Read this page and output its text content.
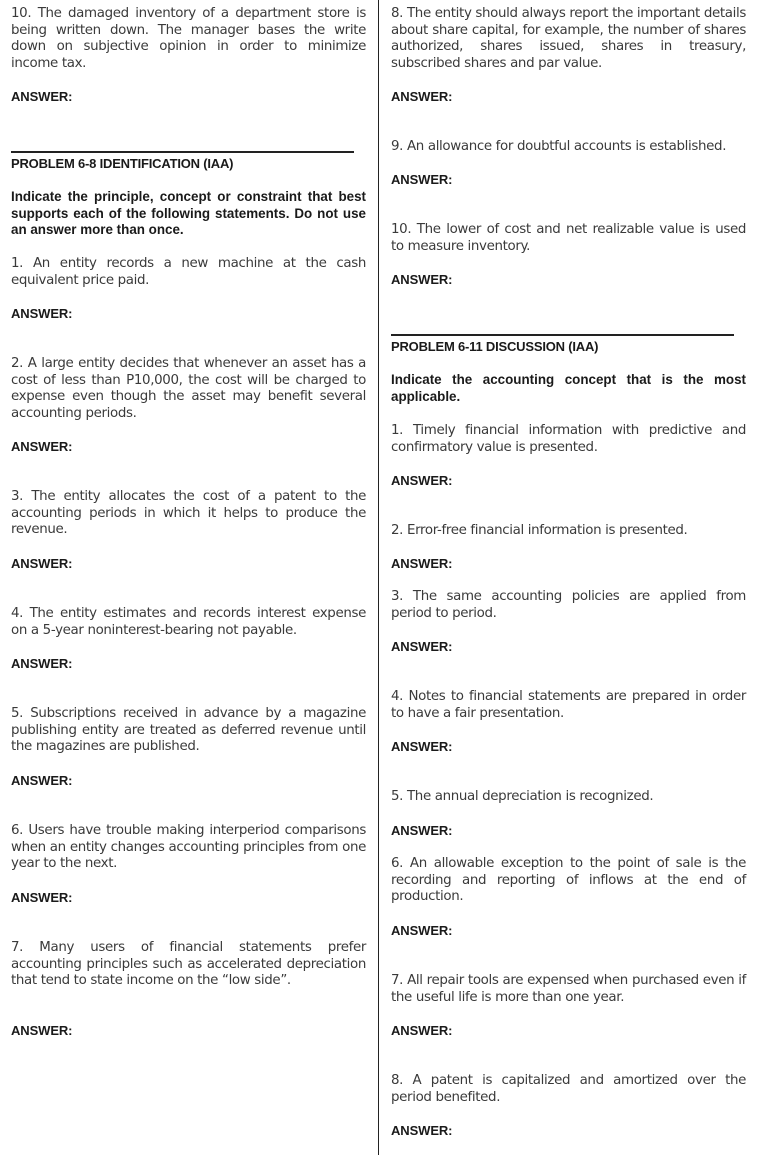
10. The damaged inventory of a department store is being written down. The manager bases the write down on subjective opinion in order to minimize income tax.
ANSWER:
PROBLEM 6-8 IDENTIFICATION (IAA)
Indicate the principle, concept or constraint that best supports each of the following statements. Do not use an answer more than once.
1. An entity records a new machine at the cash equivalent price paid.
ANSWER:
2. A large entity decides that whenever an asset has a cost of less than P10,000, the cost will be charged to expense even though the asset may benefit several accounting periods.
ANSWER:
3. The entity allocates the cost of a patent to the accounting periods in which it helps to produce the revenue.
ANSWER:
4. The entity estimates and records interest expense on a 5-year noninterest-bearing not payable.
ANSWER:
5. Subscriptions received in advance by a magazine publishing entity are treated as deferred revenue until the magazines are published.
ANSWER:
6. Users have trouble making interperiod comparisons when an entity changes accounting principles from one year to the next.
ANSWER:
7. Many users of financial statements prefer accounting principles such as accelerated depreciation that tend to state income on the “low side”.
ANSWER:
8. The entity should always report the important details about share capital, for example, the number of shares authorized, shares issued, shares in treasury, subscribed shares and par value.
ANSWER:
9. An allowance for doubtful accounts is established.
ANSWER:
10. The lower of cost and net realizable value is used to measure inventory.
ANSWER:
PROBLEM 6-11 DISCUSSION (IAA)
Indicate the accounting concept that is the most applicable.
1. Timely financial information with predictive and confirmatory value is presented.
ANSWER:
2. Error-free financial information is presented.
ANSWER:
3. The same accounting policies are applied from period to period.
ANSWER:
4. Notes to financial statements are prepared in order to have a fair presentation.
ANSWER:
5. The annual depreciation is recognized.
ANSWER:
6. An allowable exception to the point of sale is the recording and reporting of inflows at the end of production.
ANSWER:
7. All repair tools are expensed when purchased even if the useful life is more than one year.
ANSWER:
8. A patent is capitalized and amortized over the period benefited.
ANSWER:
